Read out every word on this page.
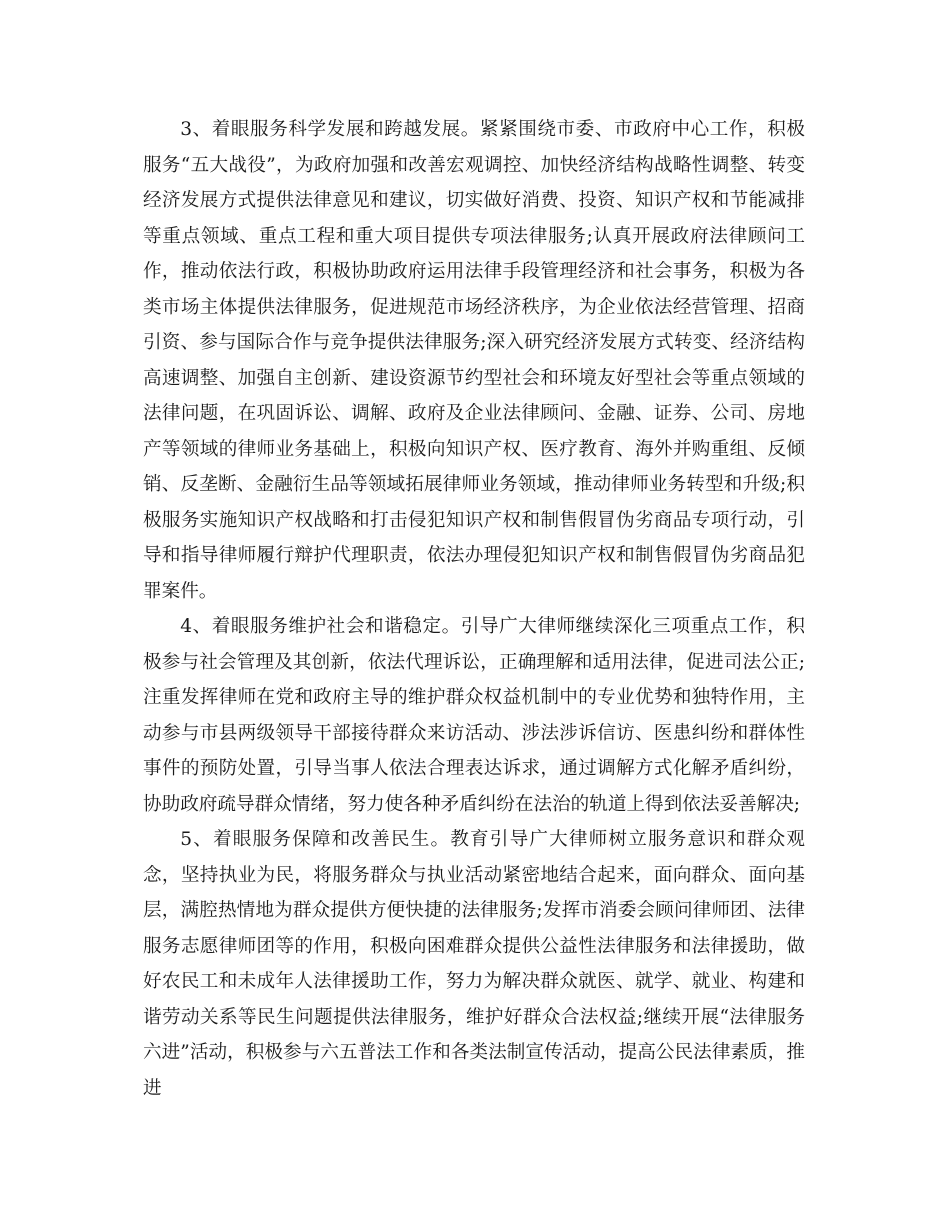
3、着眼服务科学发展和跨越发展。紧紧围绕市委、市政府中心工作，积极服务“五大战役”，为政府加强和改善宏观调控、加快经济结构战略性调整、转变经济发展方式提供法律意见和建议，切实做好消费、投资、知识产权和节能减排等重点领域、重点工程和重大项目提供专项法律服务;认真开展政府法律顾问工作，推动依法行政，积极协助政府运用法律手段管理经济和社会事务，积极为各类市场主体提供法律服务，促进规范市场经济秩序，为企业依法经营管理、招商引资、参与国际合作与竞争提供法律服务;深入研究经济发展方式转变、经济结构高速调整、加强自主创新、建设资源节约型社会和环境友好型社会等重点领域的法律问题，在巩固诉讼、调解、政府及企业法律顾问、金融、证券、公司、房地产等领域的律师业务基础上，积极向知识产权、医疗教育、海外并购重组、反倾销、反垄断、金融衍生品等领域拓展律师业务领域，推动律师业务转型和升级;积极服务实施知识产权战略和打击侵犯知识产权和制售假冒伪劣商品专项行动，引导和指导律师履行辩护代理职责，依法办理侵犯知识产权和制售假冒伪劣商品犯罪案件。

4、着眼服务维护社会和谐稳定。引导广大律师继续深化三项重点工作，积极参与社会管理及其创新，依法代理诉讼，正确理解和适用法律，促进司法公正;注重发挥律师在党和政府主导的维护群众权益机制中的专业优势和独特作用，主动参与市县两级领导干部接待群众来访活动、涉法涉诉信访、医患纠纷和群体性事件的预防处置，引导当事人依法合理表达诉求，通过调解方式化解矛盾纠纷，协助政府疏导群众情绪，努力使各种矛盾纠纷在法治的轨道上得到依法妥善解决;

5、着眼服务保障和改善民生。教育引导广大律师树立服务意识和群众观念，坚持执业为民，将服务群众与执业活动紧密地结合起来，面向群众、面向基层，满腔热情地为群众提供方便快捷的法律服务;发挥市消委会顾问律师团、法律服务志愿律师团等的作用，积极向困难群众提供公益性法律服务和法律援助，做好农民工和未成年人法律援助工作，努力为解决群众就医、就学、就业、构建和谐劳动关系等民生问题提供法律服务，维护好群众合法权益;继续开展“法律服务六进”活动，积极参与六五普法工作和各类法制宣传活动，提高公民法律素质，推进
